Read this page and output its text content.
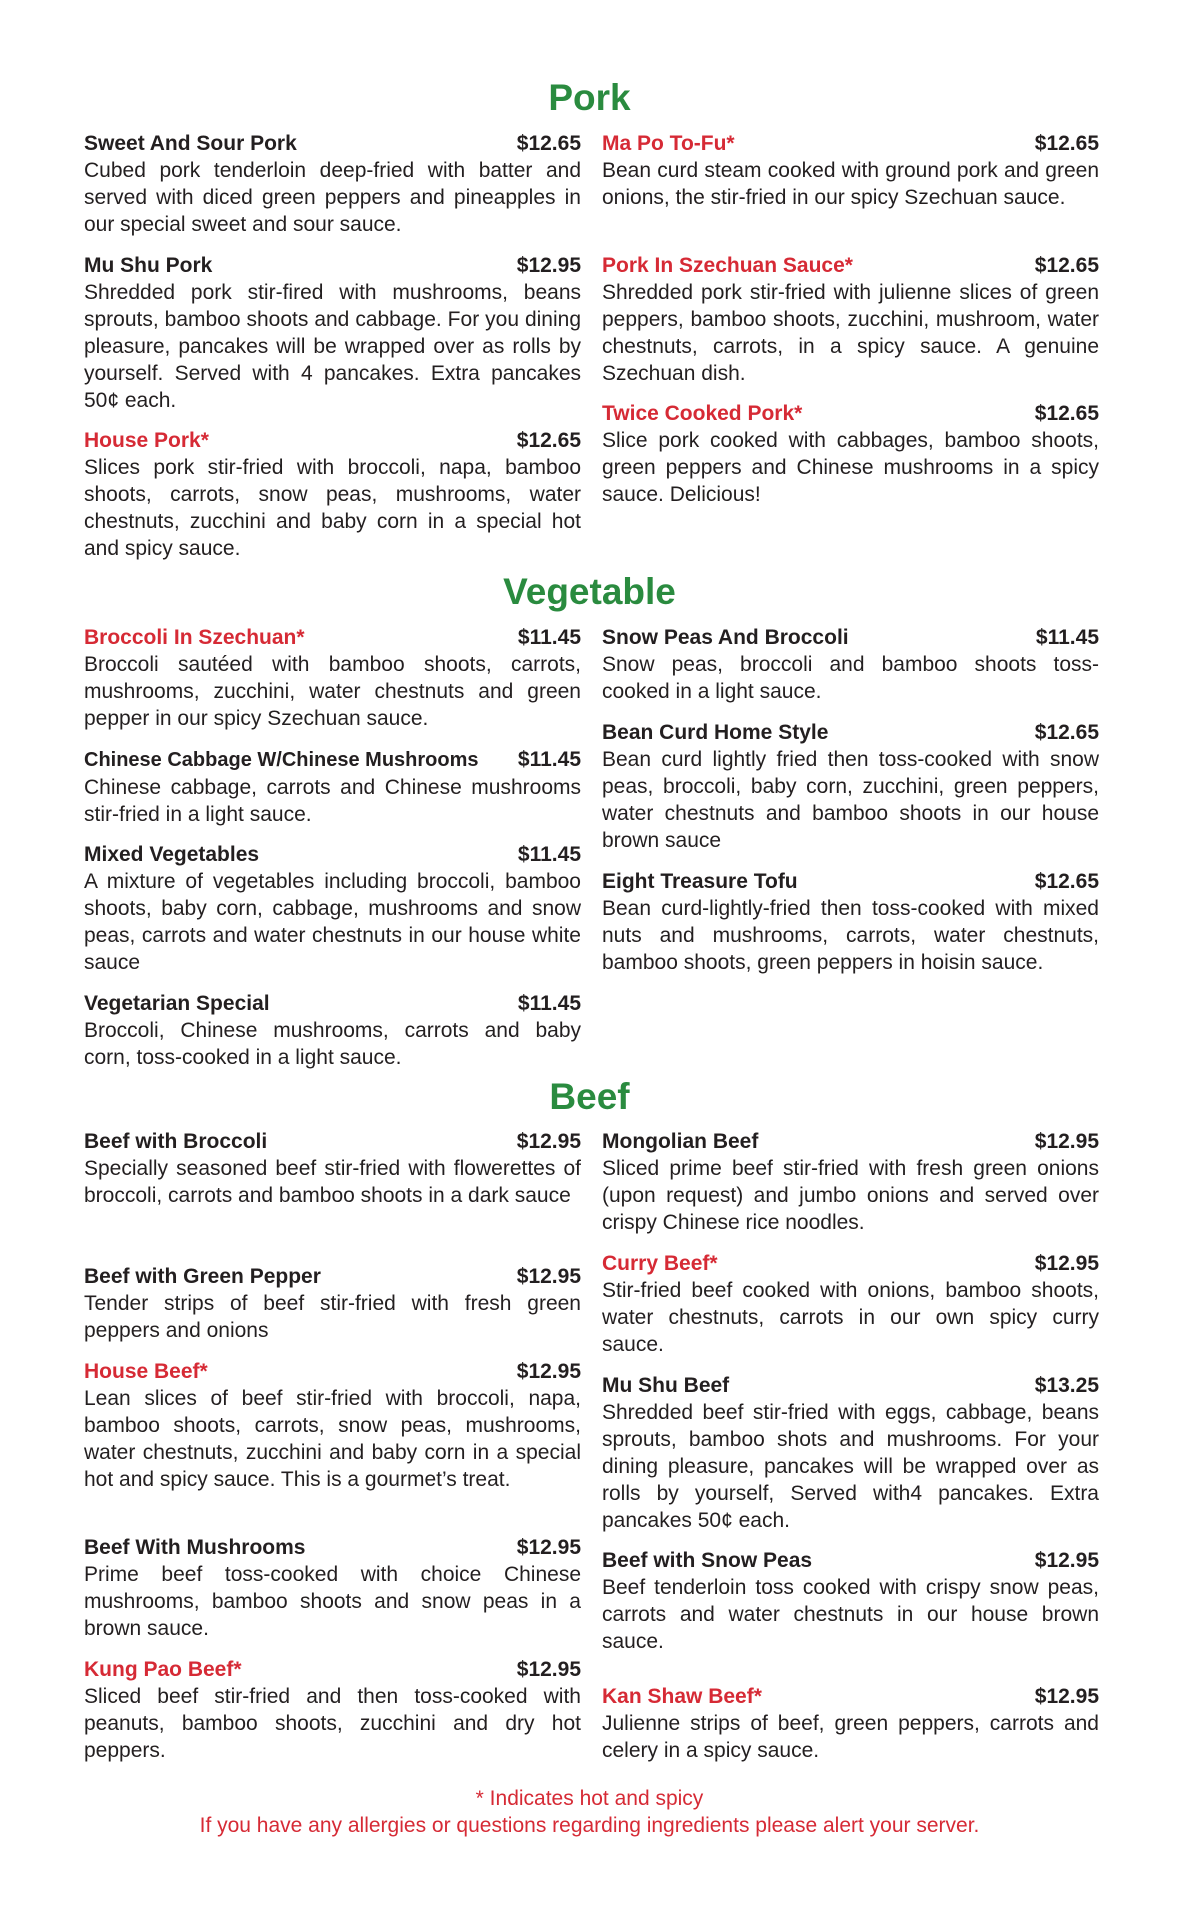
Pork
Sweet And Sour Pork	$12.65
Cubed pork tenderloin deep-fried with batter and served with diced green peppers and pineapples in our special sweet and sour sauce.
Mu Shu Pork	$12.95
Shredded pork stir-fired with mushrooms, beans sprouts, bamboo shoots and cabbage. For you dining pleasure, pancakes will be wrapped over as rolls by yourself. Served with 4 pancakes. Extra pancakes 50¢ each.
House Pork*	$12.65
Slices pork stir-fried with broccoli, napa, bamboo shoots, carrots, snow peas, mushrooms, water chestnuts, zucchini and baby corn in a special hot and spicy sauce.
Ma Po To-Fu*	$12.65
Bean curd steam cooked with ground pork and green onions, the stir-fried in our spicy Szechuan sauce.
Pork In Szechuan Sauce*	$12.65
Shredded pork stir-fried with julienne slices of green peppers, bamboo shoots, zucchini, mushroom, water chestnuts, carrots, in a spicy sauce. A genuine Szechuan dish.
Twice Cooked Pork*	$12.65
Slice pork cooked with cabbages, bamboo shoots, green peppers and Chinese mushrooms in a spicy sauce. Delicious!
Vegetable
Broccoli In Szechuan*	$11.45
Broccoli sautéed with bamboo shoots, carrots, mushrooms, zucchini, water chestnuts and green pepper in our spicy Szechuan sauce.
Chinese Cabbage W/Chinese Mushrooms $11.45
Chinese cabbage, carrots and Chinese mushrooms stir-fried in a light sauce.
Mixed Vegetables	$11.45
A mixture of vegetables including broccoli, bamboo shoots, baby corn, cabbage, mushrooms and snow peas, carrots and water chestnuts in our house white sauce
Vegetarian Special	$11.45
Broccoli, Chinese mushrooms, carrots and baby corn, toss-cooked in a light sauce.
Snow Peas And Broccoli	$11.45
Snow peas, broccoli and bamboo shoots toss-cooked in a light sauce.
Bean Curd Home Style	$12.65
Bean curd lightly fried then toss-cooked with snow peas, broccoli, baby corn, zucchini, green peppers, water chestnuts and bamboo shoots in our house brown sauce
Eight Treasure Tofu	$12.65
Bean curd-lightly-fried then toss-cooked with mixed nuts and mushrooms, carrots, water chestnuts, bamboo shoots, green peppers in hoisin sauce.
Beef
Beef with Broccoli	$12.95
Specially seasoned beef stir-fried with flowerettes of broccoli, carrots and bamboo shoots in a dark sauce
Beef with Green Pepper	$12.95
Tender strips of beef stir-fried with fresh green peppers and onions
House Beef*	$12.95
Lean slices of beef stir-fried with broccoli, napa, bamboo shoots, carrots, snow peas, mushrooms, water chestnuts, zucchini and baby corn in a special hot and spicy sauce. This is a gourmet’s treat.
Beef With Mushrooms	$12.95
Prime beef toss-cooked with choice Chinese mushrooms, bamboo shoots and snow peas in a brown sauce.
Kung Pao Beef*	$12.95
Sliced beef stir-fried and then toss-cooked with peanuts, bamboo shoots, zucchini and dry hot peppers.
Mongolian Beef	$12.95
Sliced prime beef stir-fried with fresh green onions (upon request) and jumbo onions and served over crispy Chinese rice noodles.
Curry Beef*	$12.95
Stir-fried beef cooked with onions, bamboo shoots, water chestnuts, carrots in our own spicy curry sauce.
Mu Shu Beef	$13.25
Shredded beef stir-fried with eggs, cabbage, beans sprouts, bamboo shots and mushrooms. For your dining pleasure, pancakes will be wrapped over as rolls by yourself, Served with4 pancakes. Extra pancakes 50¢ each.
Beef with Snow Peas	$12.95
Beef tenderloin toss cooked with crispy snow peas, carrots and water chestnuts in our house brown sauce.
Kan Shaw Beef*	$12.95
Julienne strips of beef, green peppers, carrots and celery in a spicy sauce.
* Indicates hot and spicy
If you have any allergies or questions regarding ingredients please alert your server.
